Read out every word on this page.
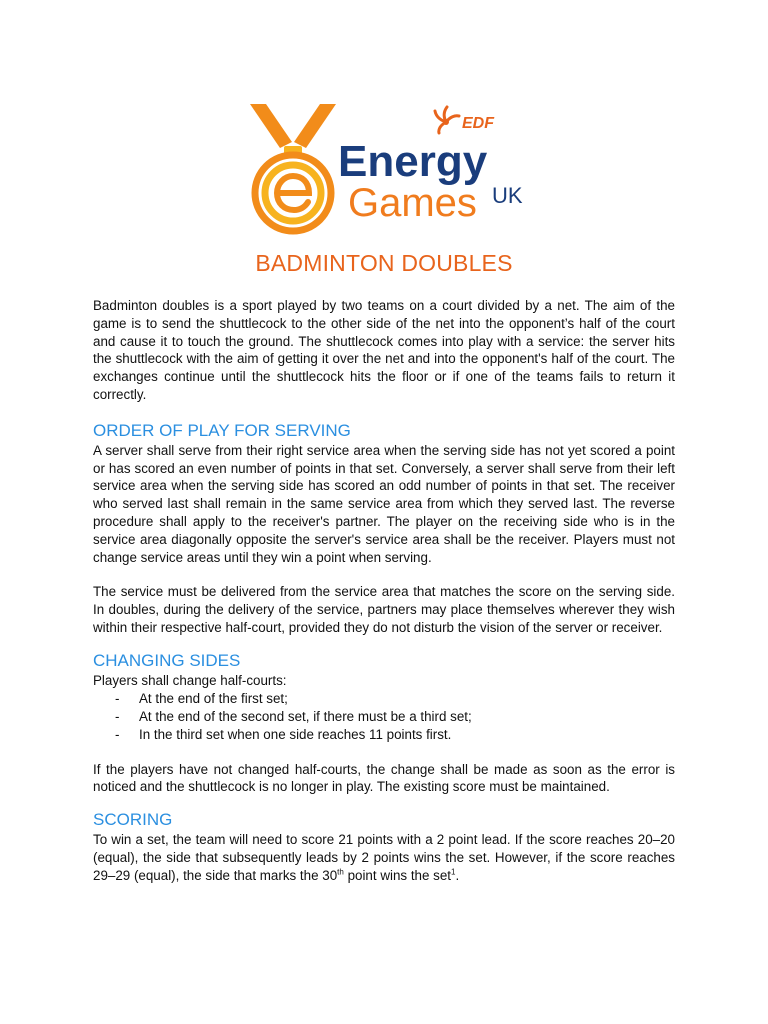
EDF
Energy
Games UK
BADMINTON DOUBLES

Badminton doubles is a sport played by two teams on a court divided by a net. The aim of the game is to send the shuttlecock to the other side of the net into the opponent’s half of the court and cause it to touch the ground. The shuttlecock comes into play with a service: the server hits the shuttlecock with the aim of getting it over the net and into the opponent's half of the court. The exchanges continue until the shuttlecock hits the floor or if one of the teams fails to return it correctly.

ORDER OF PLAY FOR SERVING

A server shall serve from their right service area when the serving side has not yet scored a point or has scored an even number of points in that set. Conversely, a server shall serve from their left service area when the serving side has scored an odd number of points in that set. The receiver who served last shall remain in the same service area from which they served last. The reverse procedure shall apply to the receiver's partner. The player on the receiving side who is in the service area diagonally opposite the server's service area shall be the receiver. Players must not change service areas until they win a point when serving.

The service must be delivered from the service area that matches the score on the serving side. In doubles, during the delivery of the service, partners may place themselves wherever they wish within their respective half-court, provided they do not disturb the vision of the server or receiver.

CHANGING SIDES

Players shall change half-courts:

- At the end of the first set;
- At the end of the second set, if there must be a third set;
- In the third set when one side reaches 11 points first.

If the players have not changed half-courts, the change shall be made as soon as the error is noticed and the shuttlecock is no longer in play. The existing score must be maintained.

SCORING

To win a set, the team will need to score 21 points with a 2 point lead. If the score reaches 20–20 (equal), the side that subsequently leads by 2 points wins the set. However, if the score reaches 29–29 (equal), the side that marks the 30th point wins the set$^1$.
